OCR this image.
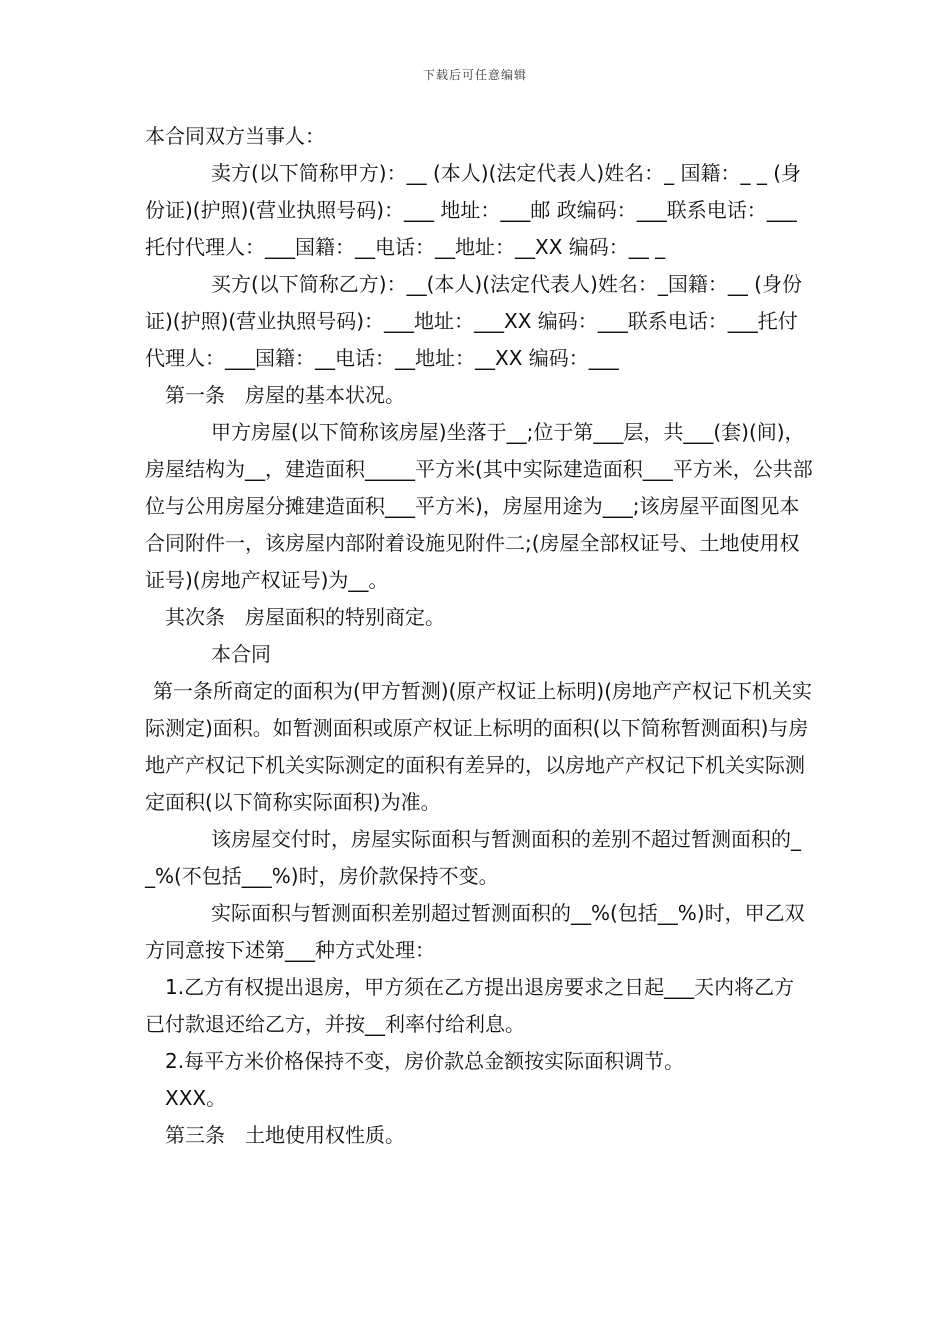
下载后可任意编辑

本合同双方当事人：

卖方(以下简称甲方)：__ (本人)(法定代表人)姓名：_ 国籍：_ _ (身份证)(护照)(营业执照号码)：___ 地址：___邮 政编码：___联系电话：___托付代理人：___国籍：__电话：__地址：__XX 编码：__ _

买方(以下简称乙方)：__(本人)(法定代表人)姓名：_国籍：__ (身份证)(护照)(营业执照号码)：___地址：___XX 编码：___联系电话：___托付代理人：___国籍：__电话：__地址：__XX 编码：___

第一条　房屋的基本状况。

甲方房屋(以下简称该房屋)坐落于__;位于第___层，共___(套)(间)，房屋结构为__，建造面积_____平方米(其中实际建造面积___平方米，公共部位与公用房屋分摊建造面积___平方米)，房屋用途为___;该房屋平面图见本合同附件一，该房屋内部附着设施见附件二;(房屋全部权证号、土地使用权证号)(房地产权证号)为__。

其次条　房屋面积的特别商定。

本合同

第一条所商定的面积为(甲方暂测)(原产权证上标明)(房地产产权记下机关实际测定)面积。如暂测面积或原产权证上标明的面积(以下简称暂测面积)与房地产产权记下机关实际测定的面积有差异的，以房地产产权记下机关实际测定面积(以下简称实际面积)为准。

该房屋交付时，房屋实际面积与暂测面积的差别不超过暂测面积的__%(不包括___%)时，房价款保持不变。

实际面积与暂测面积差别超过暂测面积的__%(包括__%)时，甲乙双方同意按下述第___种方式处理：

1.乙方有权提出退房，甲方须在乙方提出退房要求之日起___天内将乙方已付款退还给乙方，并按__利率付给利息。

2.每平方米价格保持不变，房价款总金额按实际面积调节。

XXX。

第三条　土地使用权性质。
